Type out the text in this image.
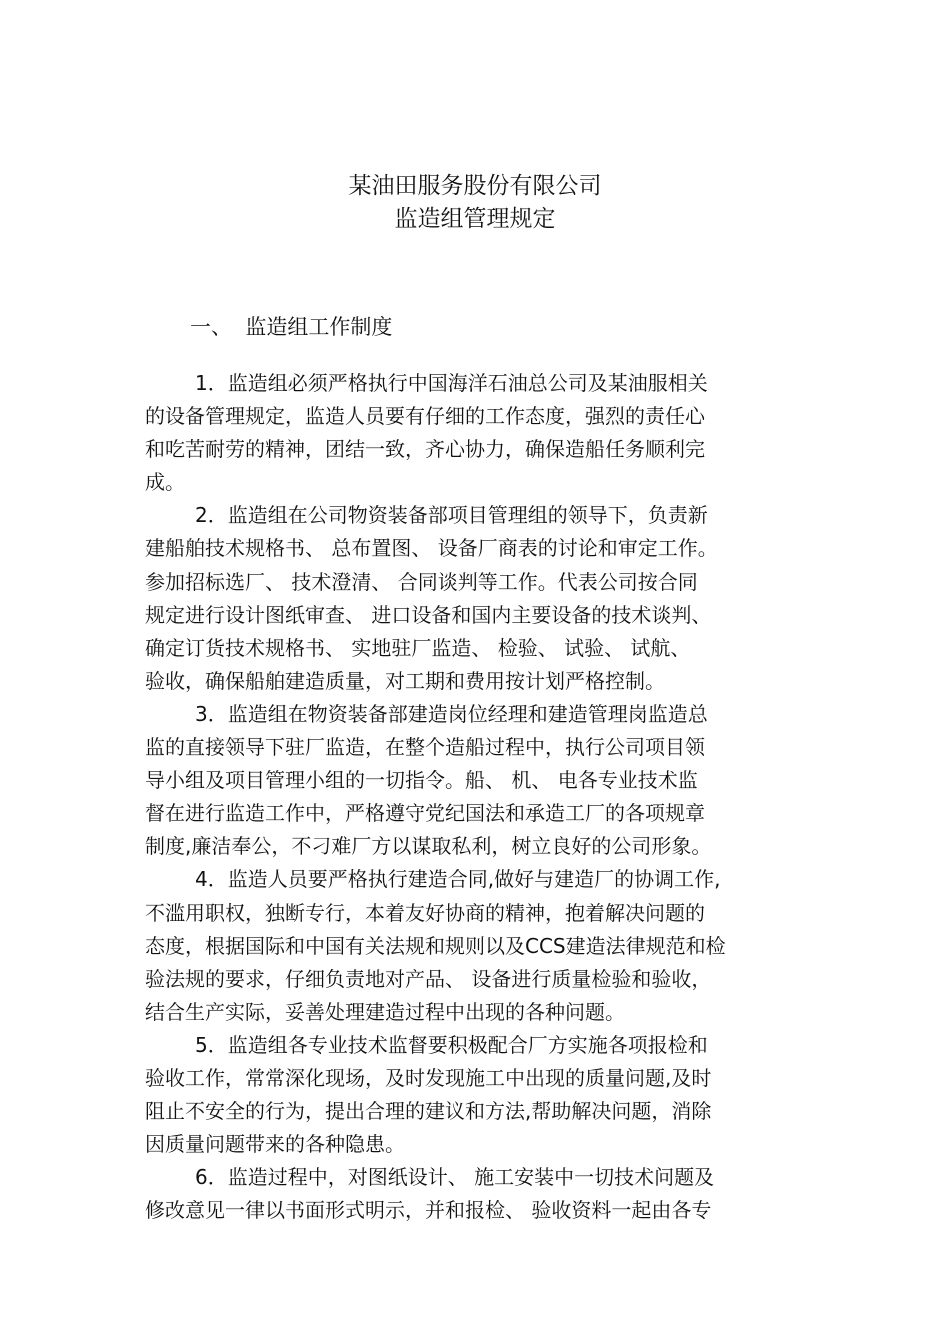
某油田服务股份有限公司

监造组管理规定

一、  监造组工作制度

1．监造组必须严格执行中国海洋石油总公司及某油服相关

的设备管理规定，监造人员要有仔细的工作态度，强烈的责任心

和吃苦耐劳的精神，团结一致，齐心协力，确保造船任务顺利完

成。

2．监造组在公司物资装备部项目管理组的领导下，负责新

建船舶技术规格书、 总布置图、 设备厂商表的讨论和审定工作。

参加招标选厂、 技术澄清、 合同谈判等工作。代表公司按合同

规定进行设计图纸审查、 进口设备和国内主要设备的技术谈判、

确定订货技术规格书、 实地驻厂监造、 检验、 试验、 试航、

验收，确保船舶建造质量，对工期和费用按计划严格控制。

3．监造组在物资装备部建造岗位经理和建造管理岗监造总

监的直接领导下驻厂监造，在整个造船过程中，执行公司项目领

导小组及项目管理小组的一切指令。船、 机、 电各专业技术监

督在进行监造工作中，严格遵守党纪国法和承造工厂的各项规章

制度,廉洁奉公，不刁难厂方以谋取私利，树立良好的公司形象。

4．监造人员要严格执行建造合同,做好与建造厂的协调工作,

不滥用职权，独断专行，本着友好协商的精神，抱着解决问题的

态度，根据国际和中国有关法规和规则以及CCS建造法律规范和检

验法规的要求，仔细负责地对产品、 设备进行质量检验和验收，

结合生产实际，妥善处理建造过程中出现的各种问题。

5．监造组各专业技术监督要积极配合厂方实施各项报检和

验收工作，常常深化现场，及时发现施工中出现的质量问题,及时

阻止不安全的行为，提出合理的建议和方法,帮助解决问题，消除

因质量问题带来的各种隐患。

6．监造过程中，对图纸设计、 施工安装中一切技术问题及

修改意见一律以书面形式明示，并和报检、 验收资料一起由各专
